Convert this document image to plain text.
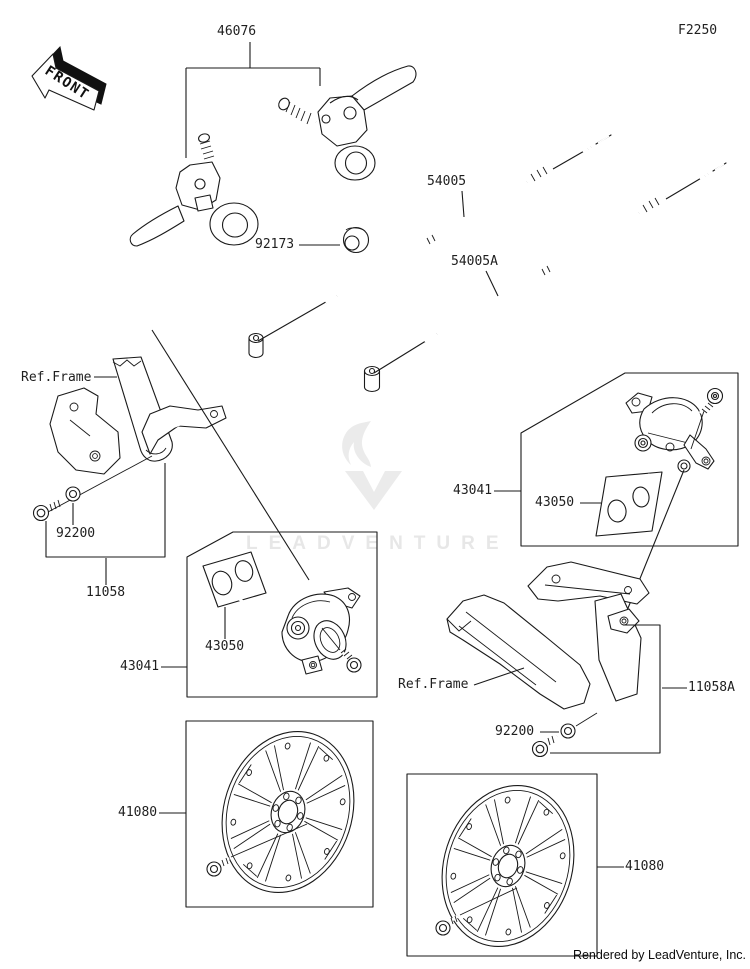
LEADVENTURE
FRONT
F2250
46076
92173
54005
54005A
Ref.Frame
92200
11058
43050
43041
41080
43041
43050
Ref.Frame
92200
11058A
41080
Rendered by LeadVenture, Inc.
